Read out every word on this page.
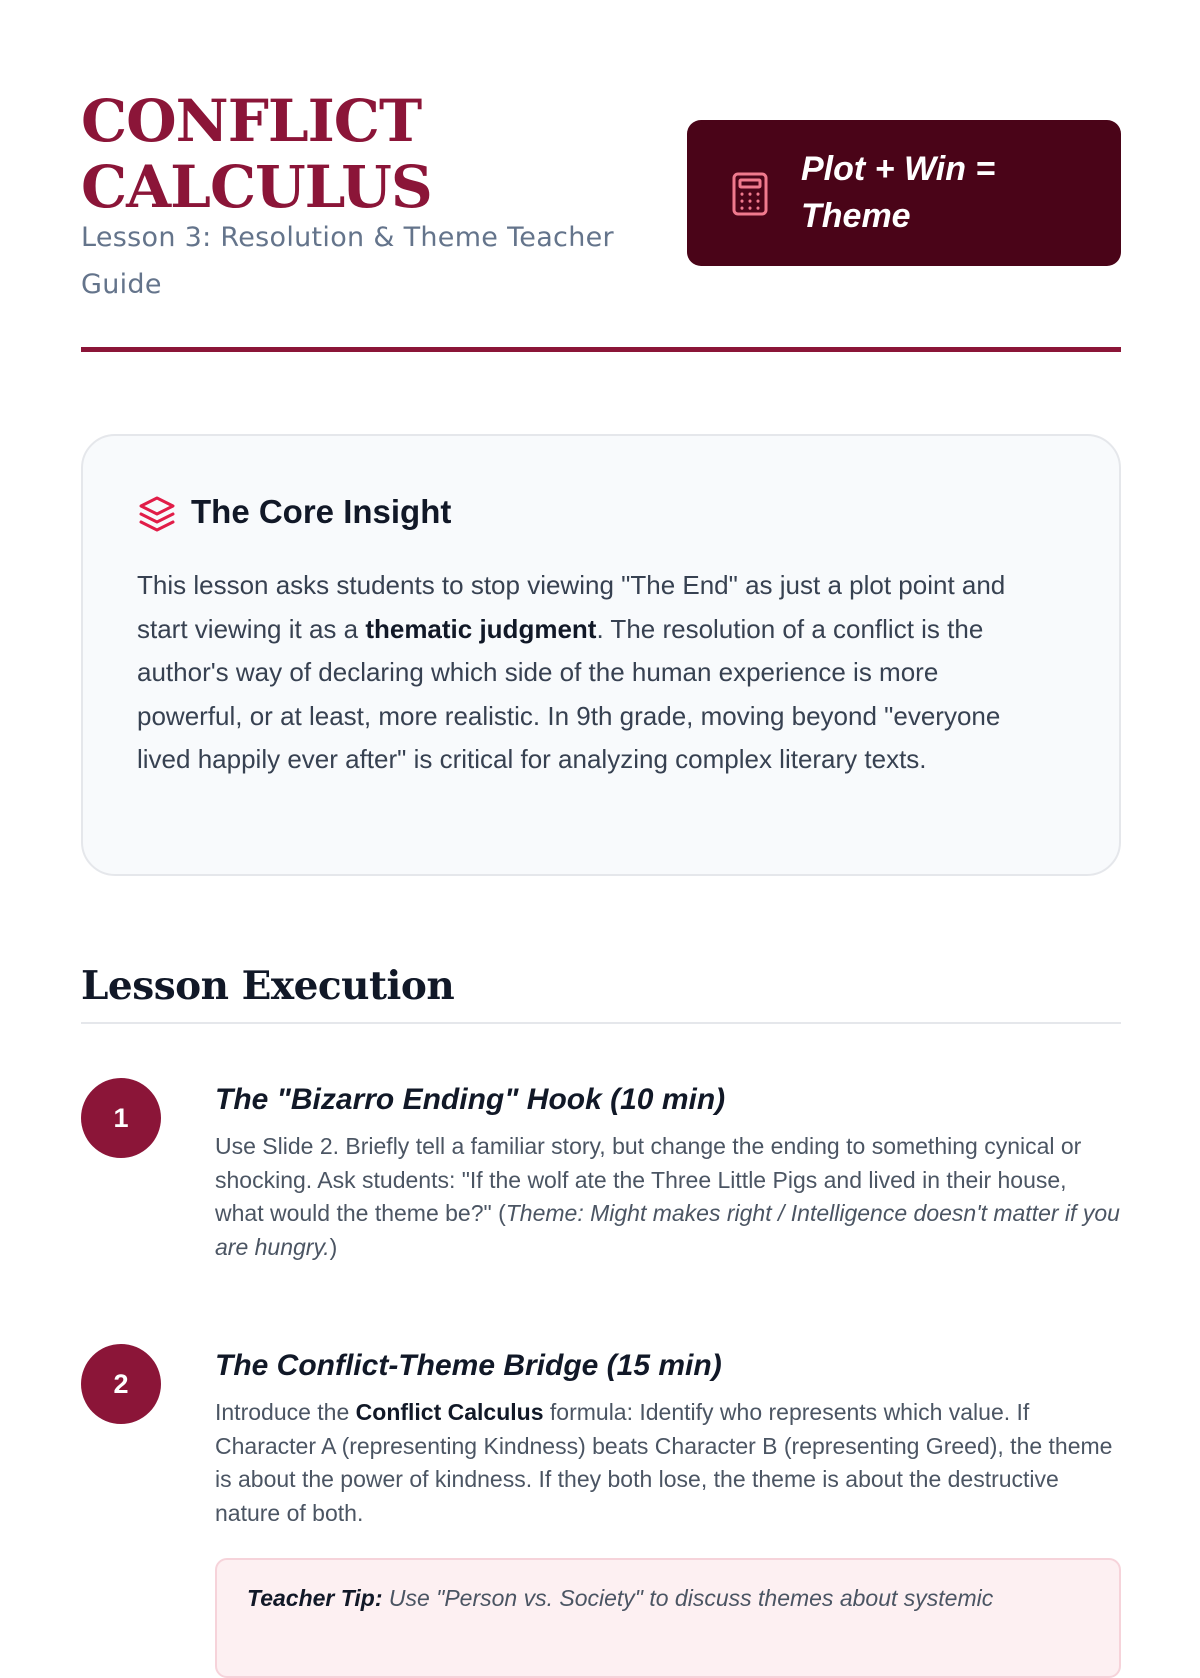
CONFLICT
CALCULUS
Lesson 3: Resolution & Theme Teacher Guide
Plot + Win = Theme
The Core Insight

This lesson asks students to stop viewing "The End" as just a plot point and start viewing it as a thematic judgment. The resolution of a conflict is the author's way of declaring which side of the human experience is more powerful, or at least, more realistic. In 9th grade, moving beyond "everyone lived happily ever after" is critical for analyzing complex literary texts.

Lesson Execution
1
The "Bizarro Ending" Hook (10 min)

Use Slide 2. Briefly tell a familiar story, but change the ending to something cynical or shocking. Ask students: "If the wolf ate the Three Little Pigs and lived in their house, what would the theme be?" (Theme: Might makes right / Intelligence doesn't matter if you are hungry.)

2
The Conflict-Theme Bridge (15 min)

Introduce the Conflict Calculus formula: Identify who represents which value. If Character A (representing Kindness) beats Character B (representing Greed), the theme is about the power of kindness. If they both lose, the theme is about the destructive nature of both.

Teacher Tip: Use "Person vs. Society" to discuss themes about systemic
